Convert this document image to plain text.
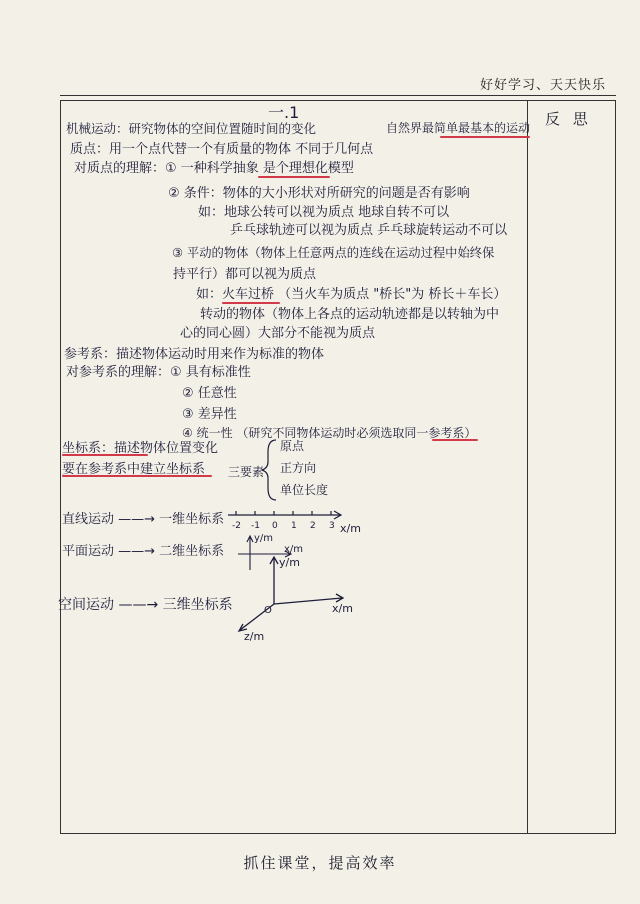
好好学习、天天快乐
反 思
一.1
机械运动：研究物体的空间位置随时间的变化	自然界最简单最基本的运动
质点：用一个点代替一个有质量的物体 不同于几何点
对质点的理解：① 一种科学抽象 是个理想化模型
② 条件：物体的大小形状对所研究的问题是否有影响
如：地球公转可以视为质点 地球自转不可以
乒乓球轨迹可以视为质点 乒乓球旋转运动不可以
③ 平动的物体（物体上任意两点的连线在运动过程中始终保
持平行）都可以视为质点
如：火车过桥 （当火车为质点 "桥长"为 桥长＋车长）
转动的物体（物体上各点的运动轨迹都是以转轴为中
心的同心圆）大部分不能视为质点
参考系：描述物体运动时用来作为标准的物体
对参考系的理解：① 具有标准性
② 任意性
③ 差异性
④ 统一性 （研究不同物体运动时必须选取同一参考系）
坐标系：描述物体位置变化
要在参考系中建立坐标系 三要素
原点
正方向
单位长度
直线运动 ——→ 一维坐标系
平面运动 ——→ 二维坐标系
空间运动 ——→ 三维坐标系
-2 -1 0 1 2 3 x/m
y/m
x/m
y/m
x/m
z/m
O
抓住课堂，提高效率
